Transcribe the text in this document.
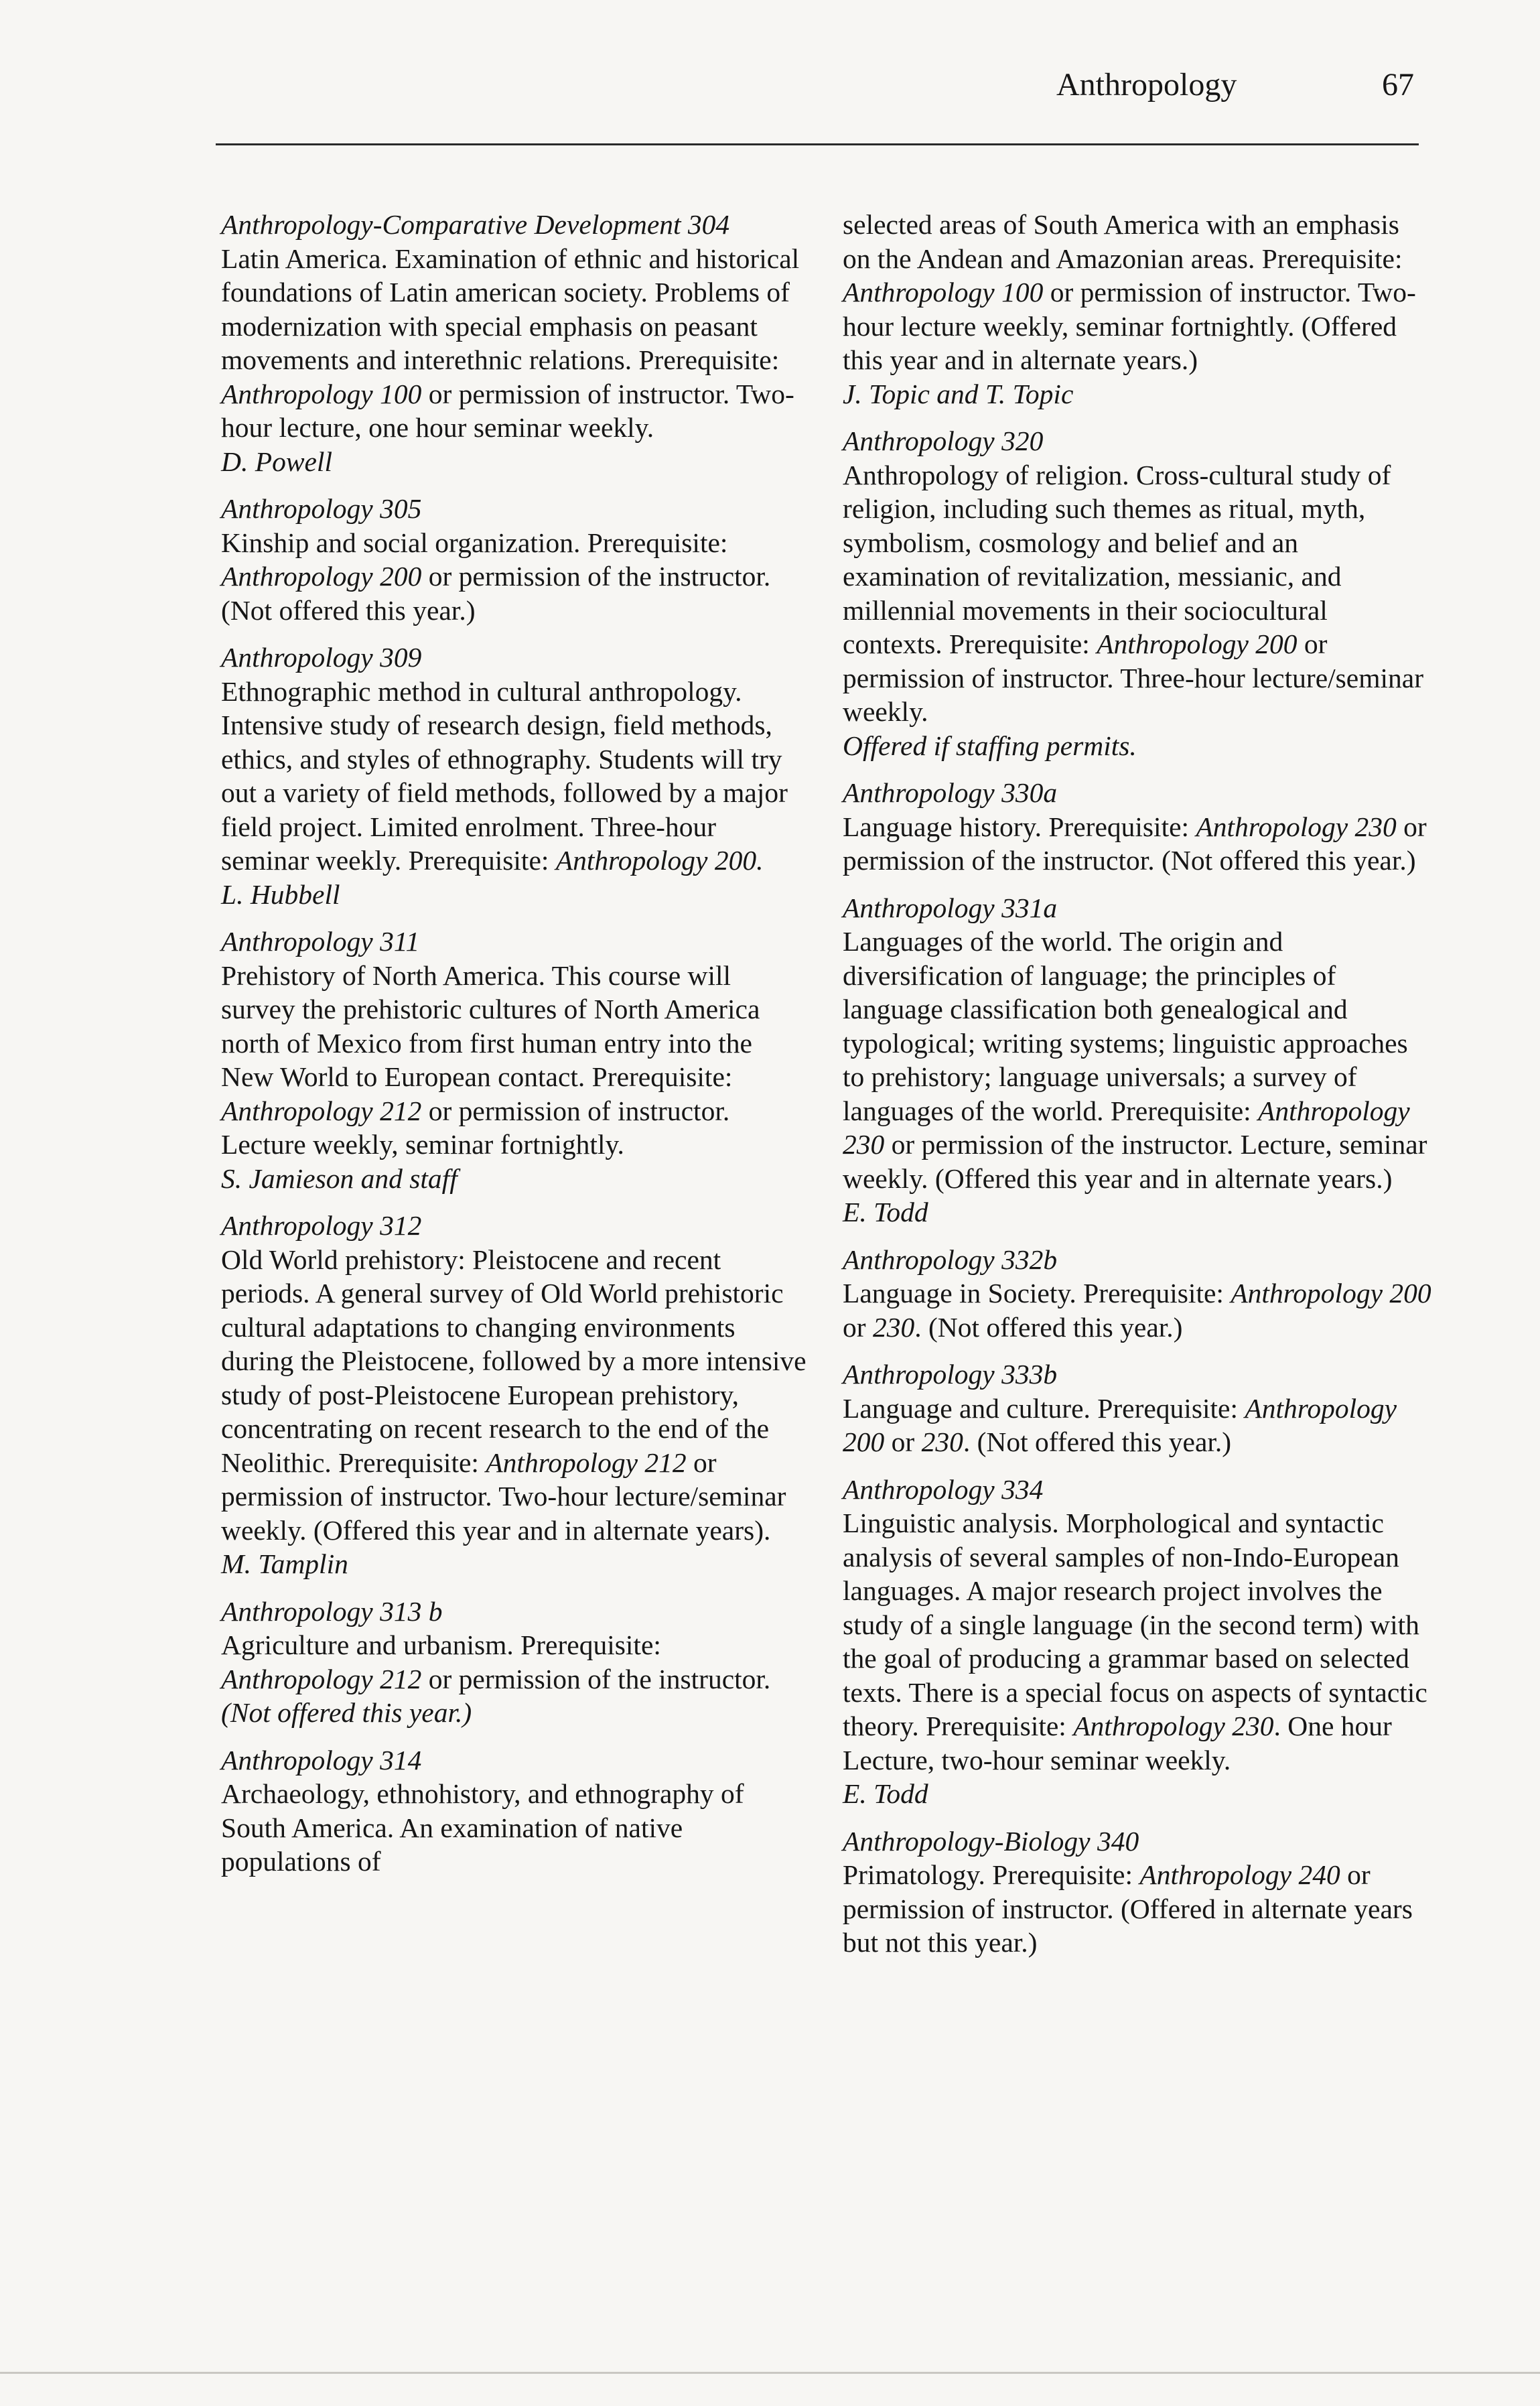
Anthropology	67
Anthropology-Comparative Development 304

Latin America. Examination of ethnic and historical foundations of Latin american society. Problems of modernization with special emphasis on peasant movements and interethnic relations. Prerequisite: Anthropology 100 or permission of instructor. Two-hour lecture, one hour seminar weekly.

D. Powell
Anthropology 305

Kinship and social organization. Prerequisite: Anthropology 200 or permission of the instructor. (Not offered this year.)

Anthropology 309

Ethnographic method in cultural anthropology. Intensive study of research design, field methods, ethics, and styles of ethnography. Students will try out a variety of field methods, followed by a major field project. Limited enrolment. Three-hour seminar weekly. Prerequisite: Anthropology 200.

L. Hubbell
Anthropology 311

Prehistory of North America. This course will survey the prehistoric cultures of North America north of Mexico from first human entry into the New World to European contact. Prerequisite: Anthropology 212 or permission of instructor. Lecture weekly, seminar fortnightly.

S. Jamieson and staff
Anthropology 312

Old World prehistory: Pleistocene and recent periods. A general survey of Old World prehistoric cultural adaptations to changing environments during the Pleistocene, followed by a more intensive study of post-Pleistocene European prehistory, concentrating on recent research to the end of the Neolithic. Prerequisite: Anthropology 212 or permission of instructor. Two-hour lecture/seminar weekly. (Offered this year and in alternate years).

M. Tamplin
Anthropology 313 b

Agriculture and urbanism. Prerequisite: Anthropology 212 or permission of the instructor.

(Not offered this year.)
Anthropology 314

Archaeology, ethnohistory, and ethnography of South America. An examination of native populations of

selected areas of South America with an emphasis on the Andean and Amazonian areas. Prerequisite: Anthropology 100 or permission of instructor. Two-hour lecture weekly, seminar fortnightly. (Offered this year and in alternate years.)

J. Topic and T. Topic
Anthropology 320

Anthropology of religion. Cross-cultural study of religion, including such themes as ritual, myth, symbolism, cosmology and belief and an examination of revitalization, messianic, and millennial movements in their sociocultural contexts. Prerequisite: Anthropology 200 or permission of instructor. Three-hour lecture/seminar weekly.

Offered if staffing permits.
Anthropology 330a

Language history. Prerequisite: Anthropology 230 or permission of the instructor. (Not offered this year.)

Anthropology 331a

Languages of the world. The origin and diversification of language; the principles of language classification both genealogical and typological; writing systems; linguistic approaches to prehistory; language universals; a survey of languages of the world. Prerequisite: Anthropology 230 or permission of the instructor. Lecture, seminar weekly. (Offered this year and in alternate years.)

E. Todd
Anthropology 332b

Language in Society. Prerequisite: Anthropology 200 or 230. (Not offered this year.)

Anthropology 333b

Language and culture. Prerequisite: Anthropology 200 or 230. (Not offered this year.)

Anthropology 334

Linguistic analysis. Morphological and syntactic analysis of several samples of non-Indo-European languages. A major research project involves the study of a single language (in the second term) with the goal of producing a grammar based on selected texts. There is a special focus on aspects of syntactic theory. Prerequisite: Anthropology 230. One hour Lecture, two-hour seminar weekly.

E. Todd
Anthropology-Biology 340

Primatology. Prerequisite: Anthropology 240 or permission of instructor. (Offered in alternate years but not this year.)
